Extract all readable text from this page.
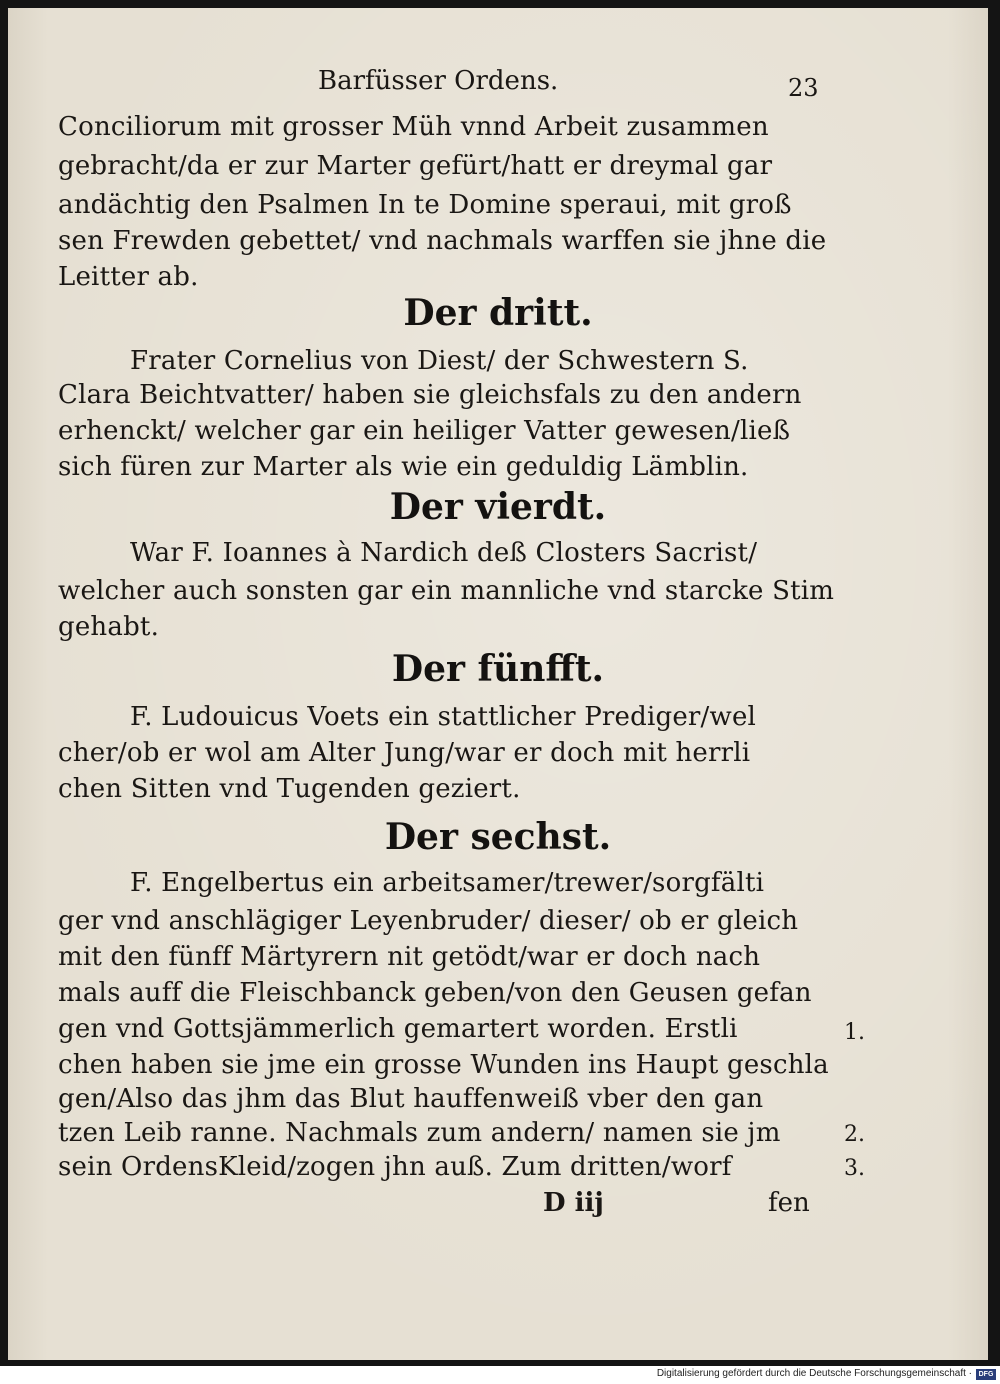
Barfüsser Ordens.	23
Conciliorum mit grosser Müh vnnd Arbeit zusammen
gebracht/da er zur Marter gefürt/hatt er dreymal gar
andächtig den Psalmen In te Domine speraui, mit groß
sen Frewden gebettet/ vnd nachmals warffen sie jhne die
Leitter ab.
Der dritt.
Frater Cornelius von Diest/ der Schwestern S.
Clara Beichtvatter/ haben sie gleichsfals zu den andern
erhenckt/ welcher gar ein heiliger Vatter gewesen/ließ
sich füren zur Marter als wie ein geduldig Lämblin.
Der vierdt.
War F. Ioannes à Nardich deß Closters Sacrist/
welcher auch sonsten gar ein mannliche vnd starcke Stim
gehabt.
Der fünfft.
F. Ludouicus Voets ein stattlicher Prediger/wel
cher/ob er wol am Alter Jung/war er doch mit herrli
chen Sitten vnd Tugenden geziert.
Der sechst.
F. Engelbertus ein arbeitsamer/trewer/sorgfälti
ger vnd anschlägiger Leyenbruder/ dieser/ ob er gleich
mit den fünff Märtyrern nit getödt/war er doch nach
mals auff die Fleischbanck geben/von den Geusen gefan
gen vnd Gottsjämmerlich gemartert worden. Erstli
chen haben sie jme ein grosse Wunden ins Haupt geschla
gen/Also das jhm das Blut hauffenweiß vber den gan
tzen Leib ranne. Nachmals zum andern/ namen sie jm
sein OrdensKleid/zogen jhn auß. Zum dritten/worf
1.
2.
3.
D iij	fen
Digitalisierung gefördert durch die Deutsche Forschungsgemeinschaft · DFG
